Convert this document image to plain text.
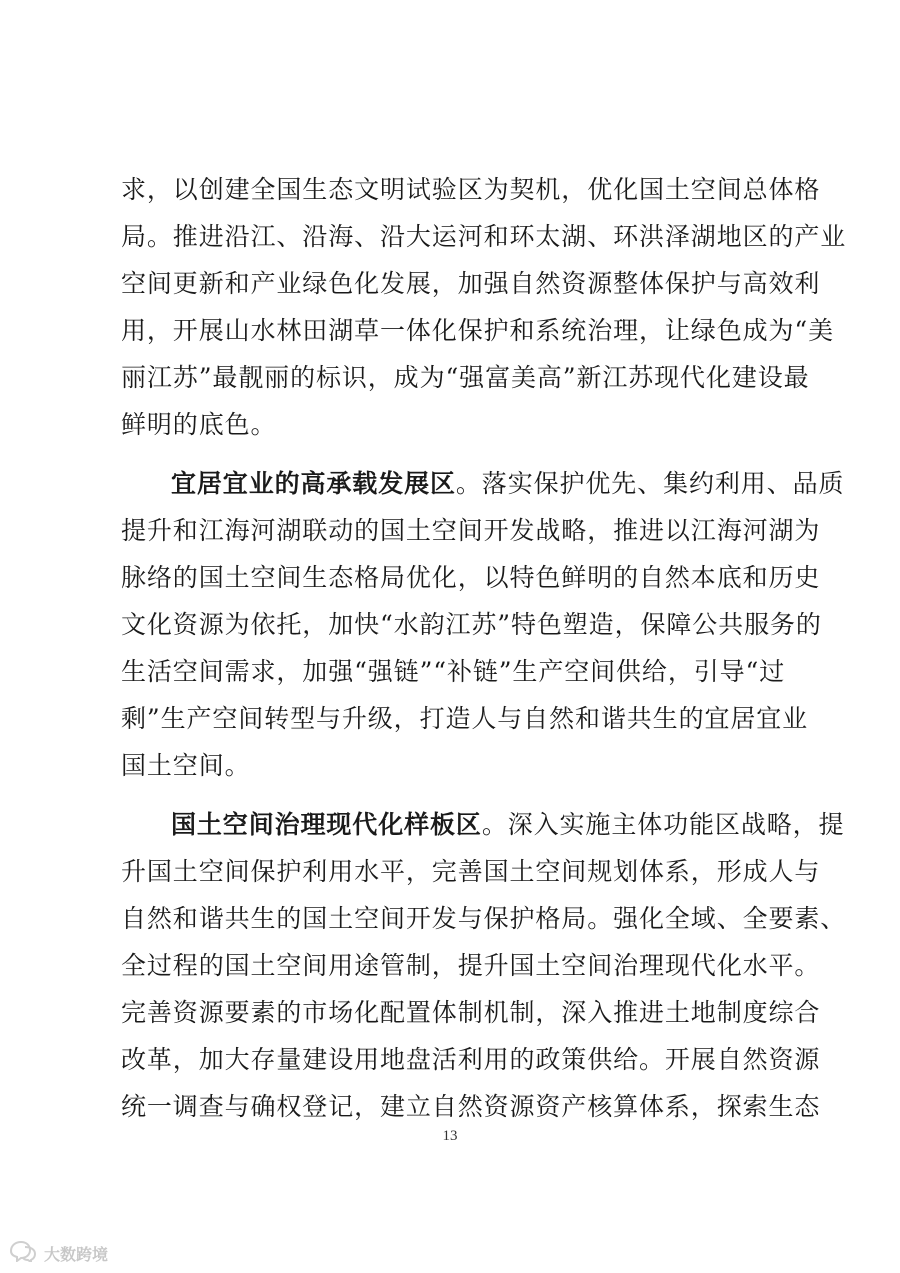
求，以创建全国生态文明试验区为契机，优化国土空间总体格
局。推进沿江、沿海、沿大运河和环太湖、环洪泽湖地区的产业
空间更新和产业绿色化发展，加强自然资源整体保护与高效利
用，开展山水林田湖草一体化保护和系统治理，让绿色成为“美
丽江苏”最靓丽的标识，成为“强富美高”新江苏现代化建设最
鲜明的底色。
宜居宜业的高承载发展区。落实保护优先、集约利用、品质
提升和江海河湖联动的国土空间开发战略，推进以江海河湖为
脉络的国土空间生态格局优化，以特色鲜明的自然本底和历史
文化资源为依托，加快“水韵江苏”特色塑造，保障公共服务的
生活空间需求，加强“强链”“补链”生产空间供给，引导“过
剩”生产空间转型与升级，打造人与自然和谐共生的宜居宜业
国土空间。
国土空间治理现代化样板区。深入实施主体功能区战略，提
升国土空间保护利用水平，完善国土空间规划体系，形成人与
自然和谐共生的国土空间开发与保护格局。强化全域、全要素、
全过程的国土空间用途管制，提升国土空间治理现代化水平。
完善资源要素的市场化配置体制机制，深入推进土地制度综合
改革，加大存量建设用地盘活利用的政策供给。开展自然资源
统一调查与确权登记，建立自然资源资产核算体系，探索生态
13
大数跨境
